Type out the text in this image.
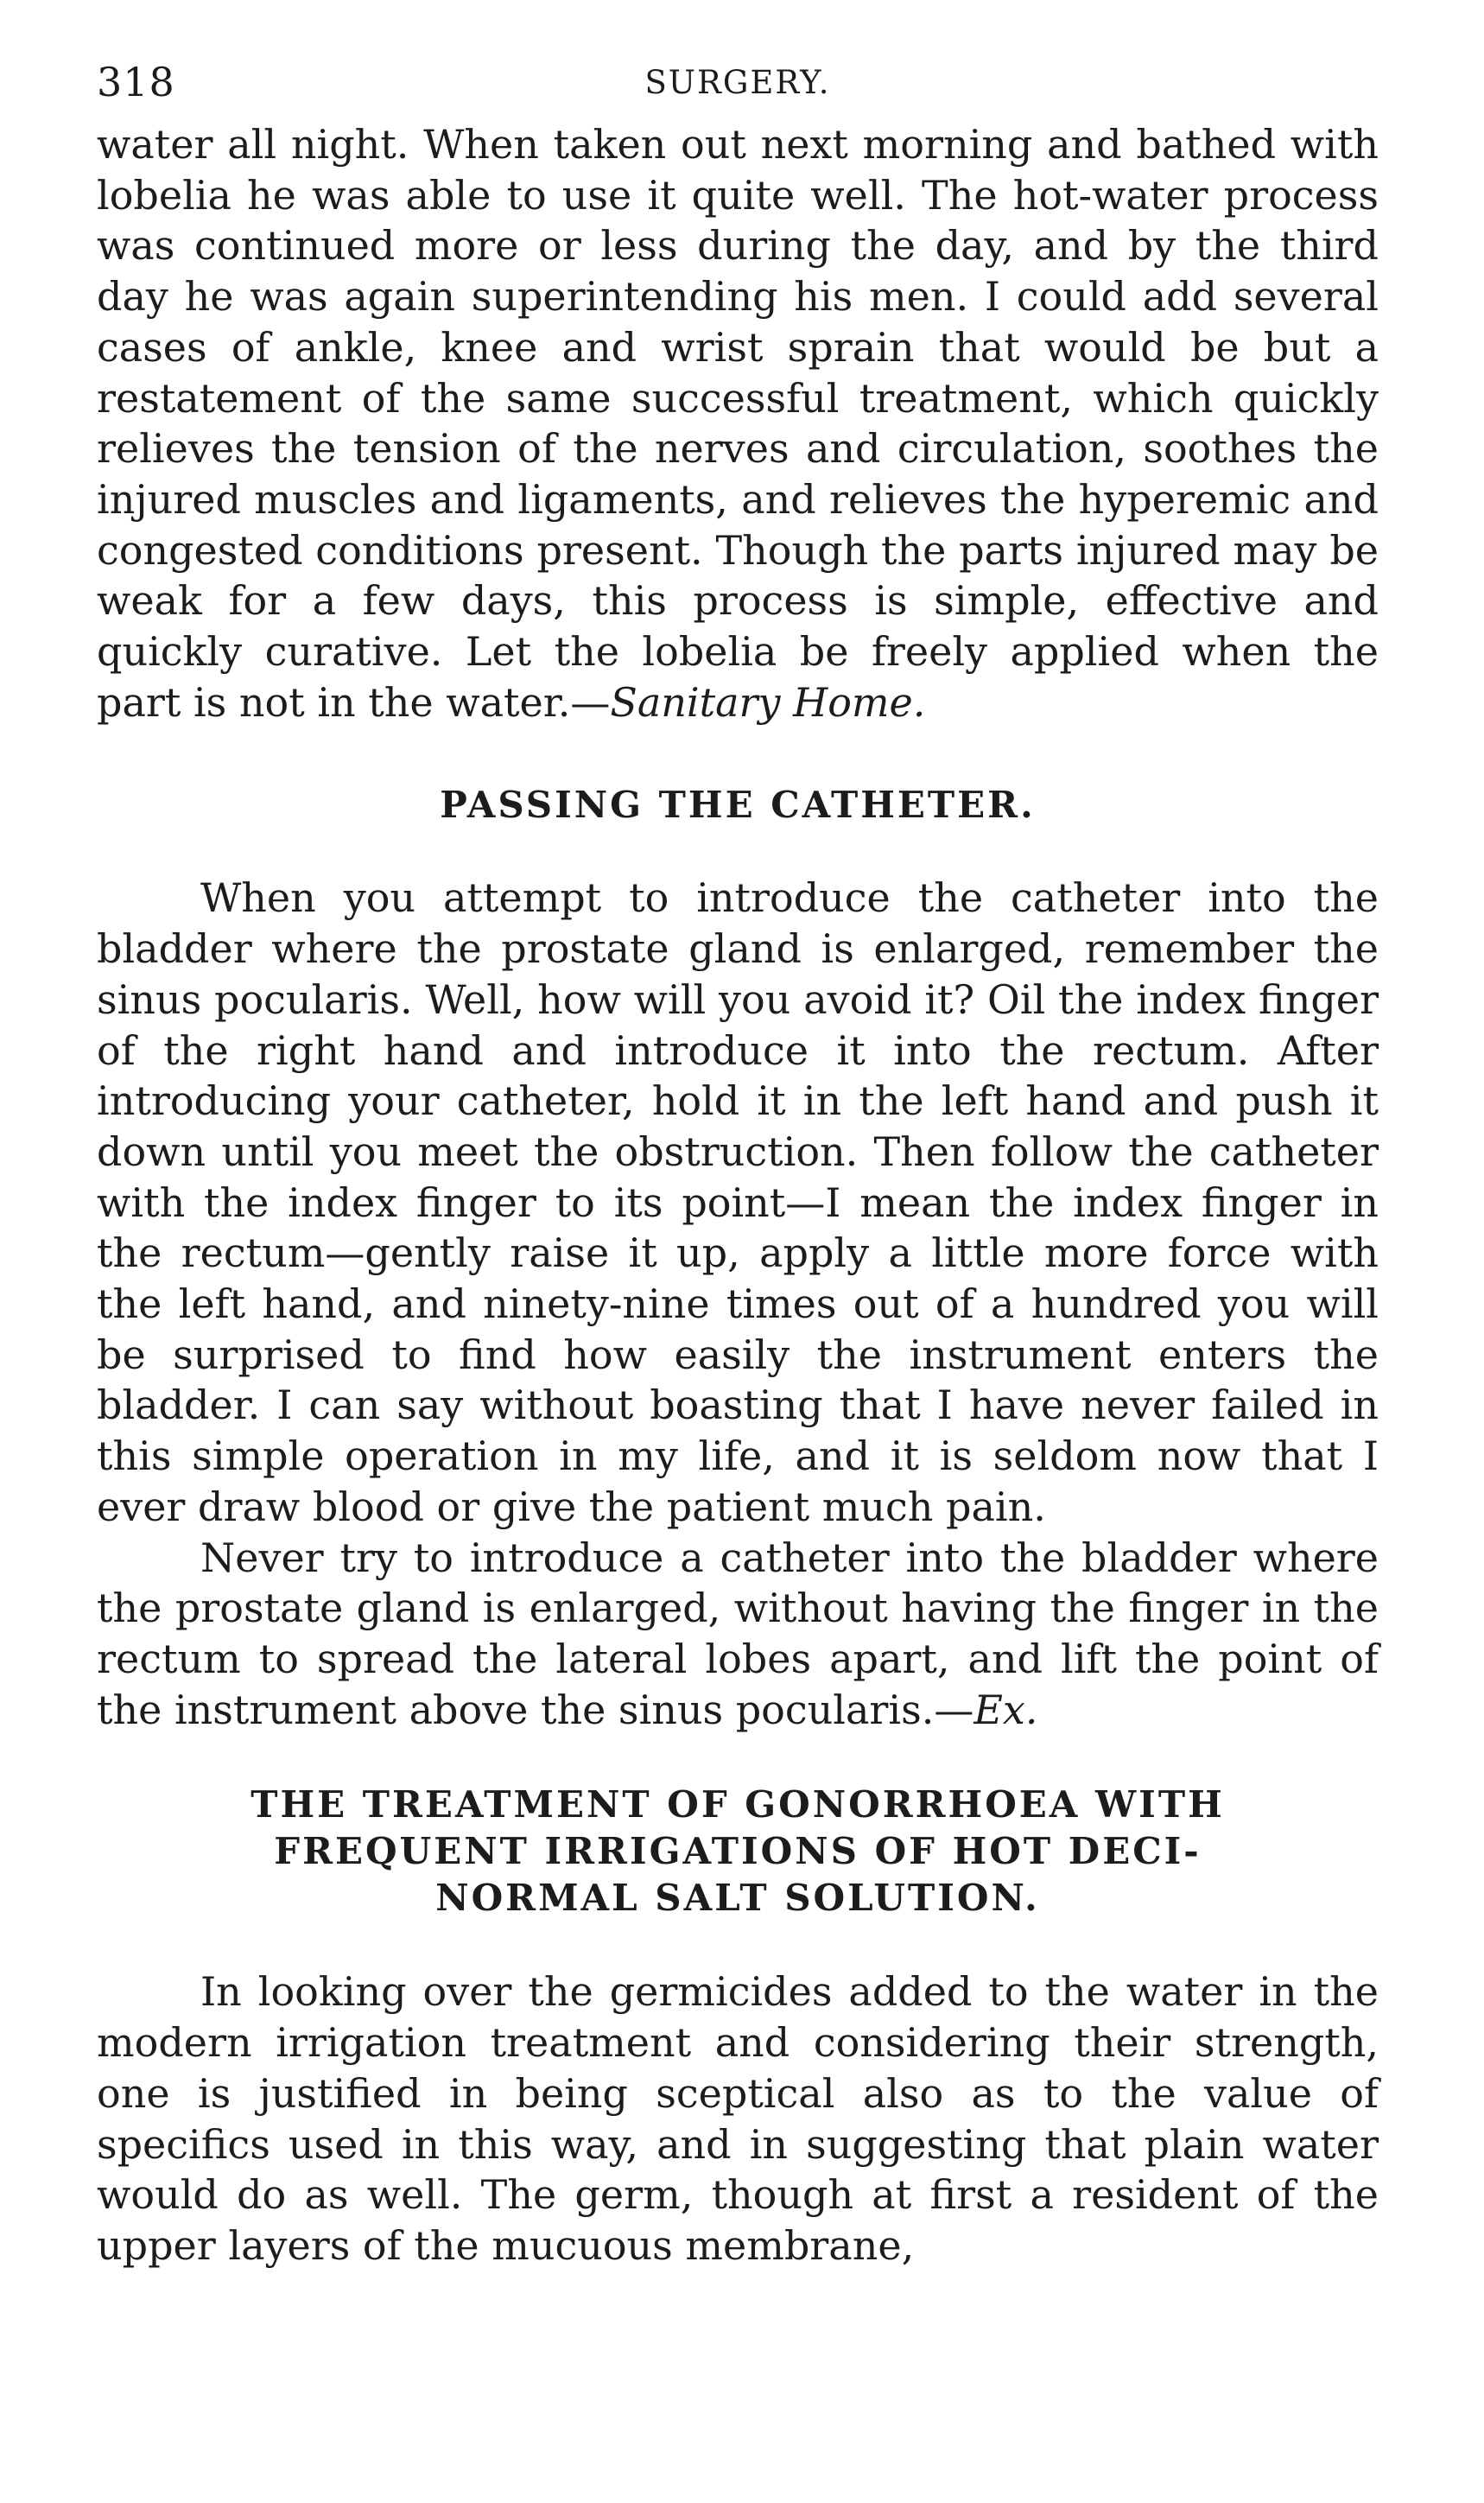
318	SURGERY.

water all night. When taken out next morning and bathed with lobelia he was able to use it quite well. The hot-water process was continued more or less during the day, and by the third day he was again superintending his men. I could add several cases of ankle, knee and wrist sprain that would be but a restatement of the same successful treatment, which quickly relieves the tension of the nerves and circulation, soothes the injured muscles and ligaments, and relieves the hyperemic and congested conditions present. Though the parts injured may be weak for a few days, this process is simple, effective and quickly curative. Let the lobelia be freely applied when the part is not in the water.—Sanitary Home.

PASSING THE CATHETER.

When you attempt to introduce the catheter into the bladder where the prostate gland is enlarged, remember the sinus pocularis. Well, how will you avoid it? Oil the index finger of the right hand and introduce it into the rectum. After introducing your catheter, hold it in the left hand and push it down until you meet the obstruction. Then follow the catheter with the index finger to its point—I mean the index finger in the rectum—gently raise it up, apply a little more force with the left hand, and ninety-nine times out of a hundred you will be surprised to find how easily the instrument enters the bladder. I can say without boasting that I have never failed in this simple operation in my life, and it is seldom now that I ever draw blood or give the patient much pain.

Never try to introduce a catheter into the bladder where the prostate gland is enlarged, without having the finger in the rectum to spread the lateral lobes apart, and lift the point of the instrument above the sinus pocularis.—Ex.

THE TREATMENT OF GONORRHOEA WITH
FREQUENT IRRIGATIONS OF HOT DECI-
NORMAL SALT SOLUTION.

In looking over the germicides added to the water in the modern irrigation treatment and considering their strength, one is justified in being sceptical also as to the value of specifics used in this way, and in suggesting that plain water would do as well. The germ, though at first a resident of the upper layers of the mucuous membrane,
